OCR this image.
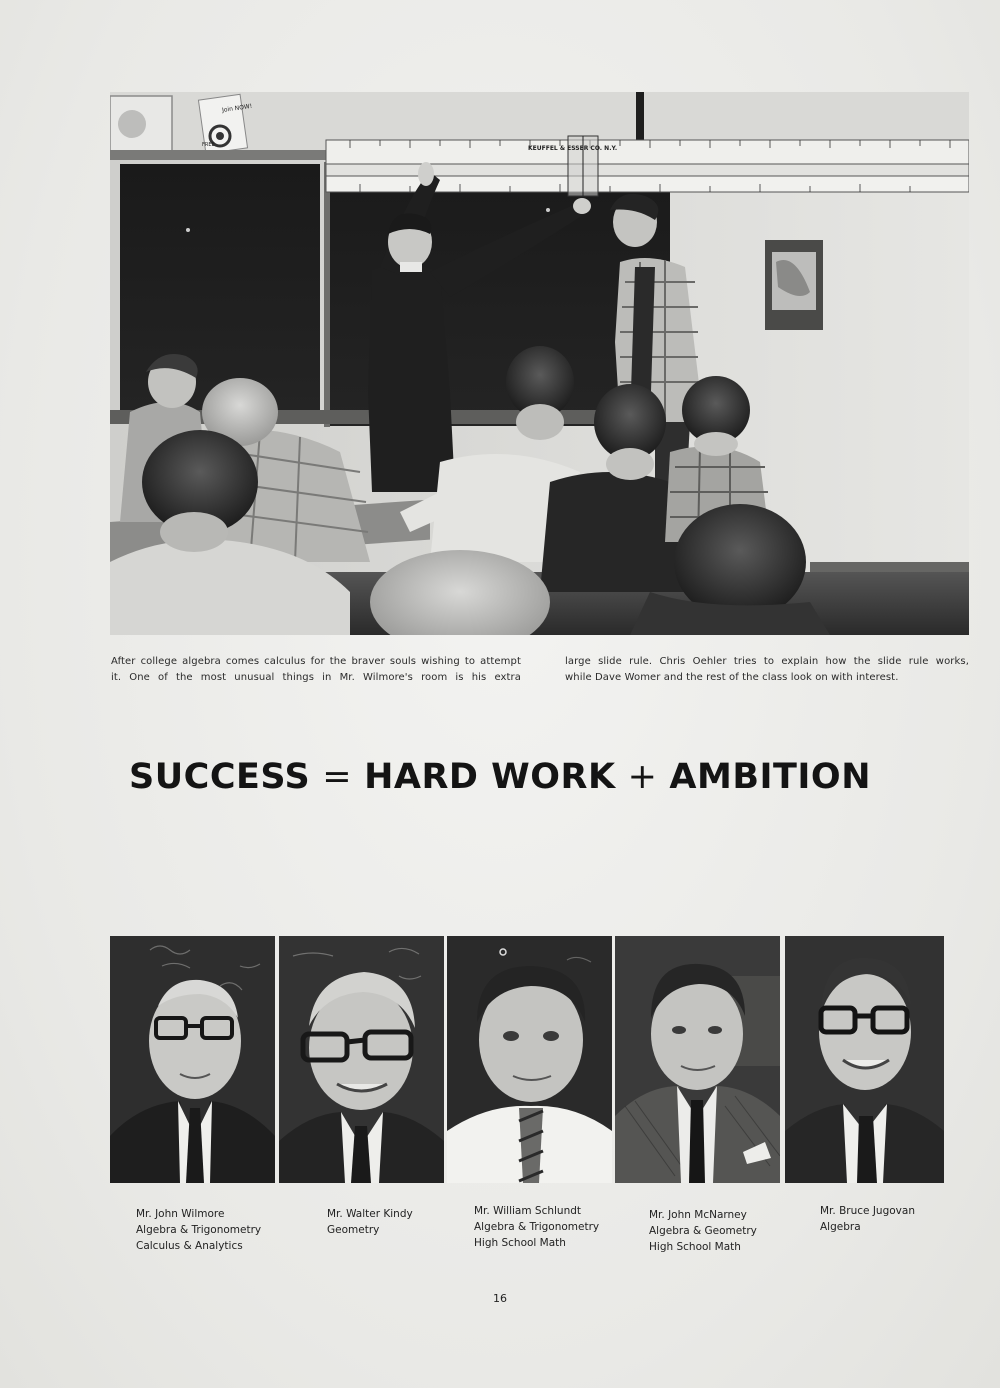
Join NOW!
FREE	KEUFFEL & ESSER CO. N.Y.
After college algebra comes calculus for the braver souls wishing to attempt
it. One of the most unusual things in Mr. Wilmore's room is his extra
large slide rule. Chris Oehler tries to explain how the slide rule works,
while Dave Womer and the rest of the class look on with interest.
SUCCESS = HARD WORK + AMBITION
Mr. John Wilmore
Algebra & Trigonometry
Calculus & Analytics
Mr. Walter Kindy
Geometry
Mr. William Schlundt
Algebra & Trigonometry
High School Math
Mr. John McNarney
Algebra & Geometry
High School Math
Mr. Bruce Jugovan
Algebra
16
